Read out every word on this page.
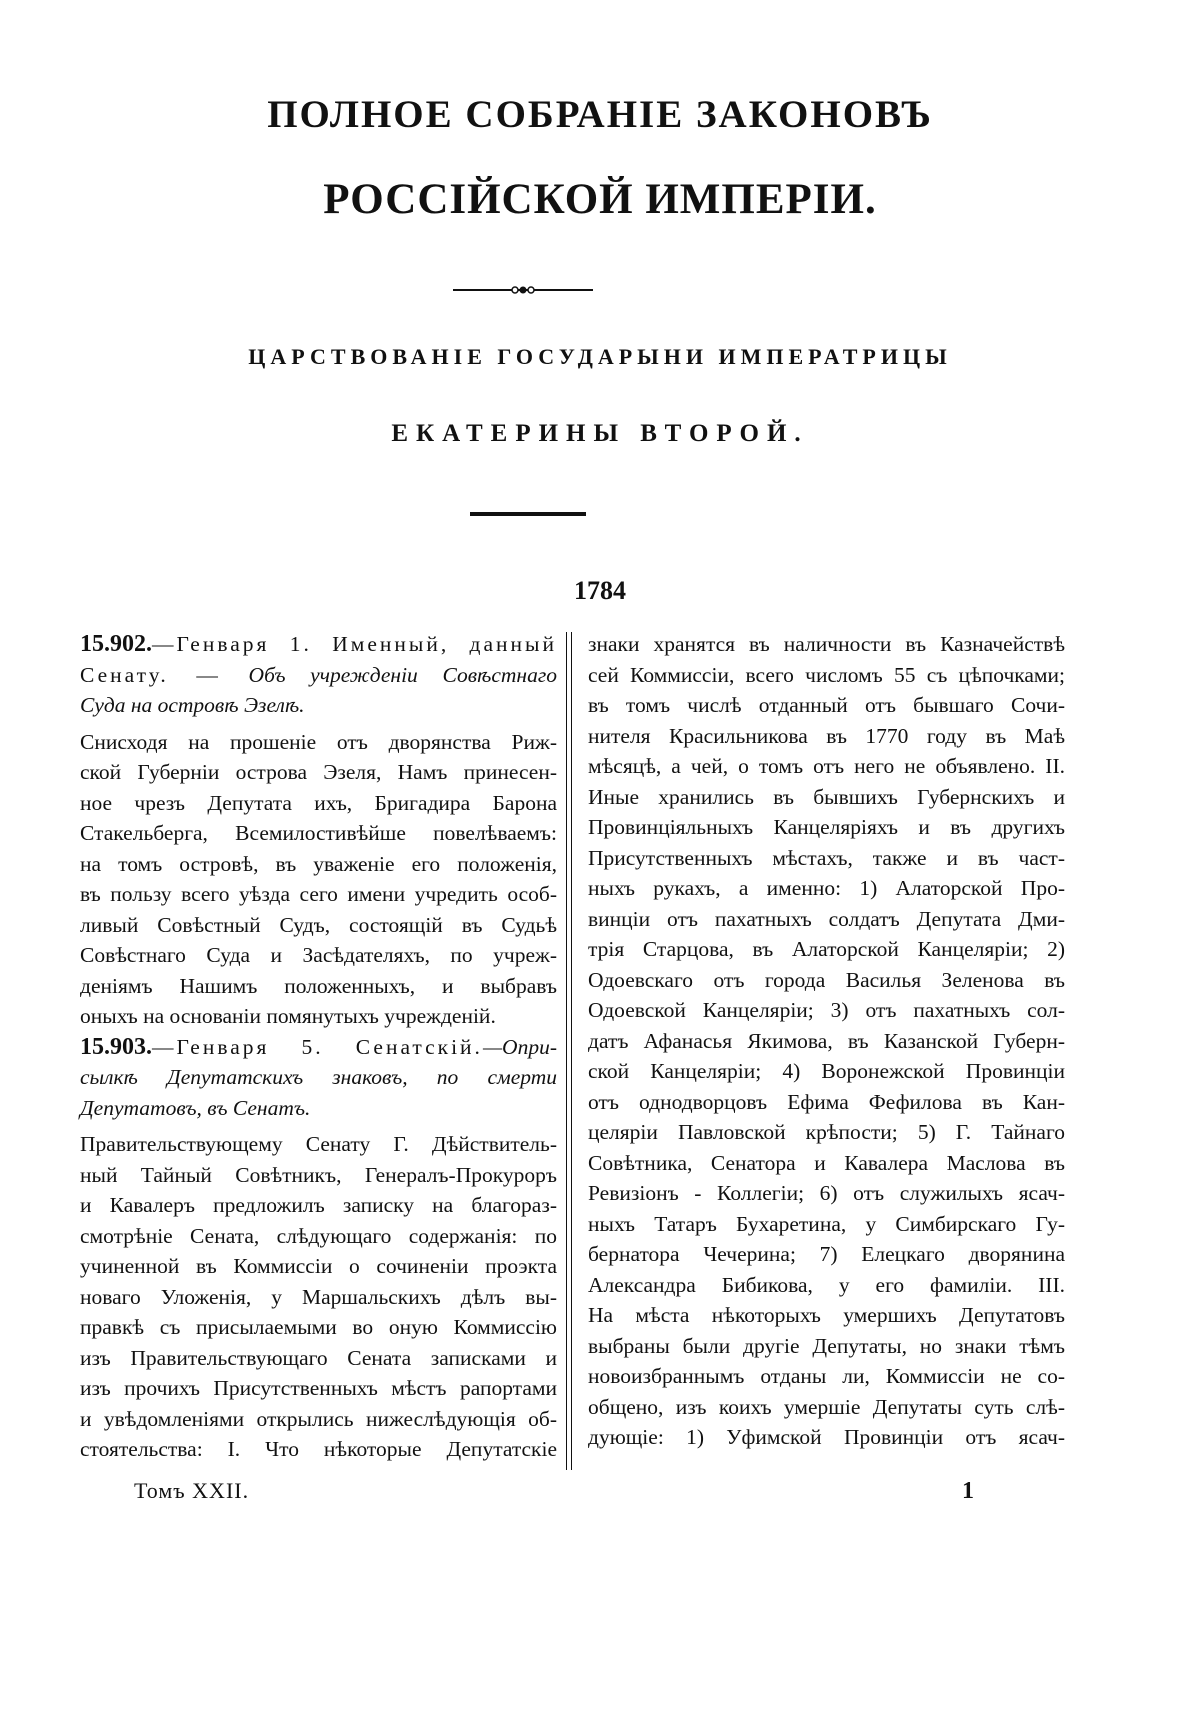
ПОЛНОЕ СОБРАНІЕ ЗАКОНОВЪ
РОССІЙСКОЙ ИМПЕРІИ.
ЦАРСТВОВАНІЕ ГОСУДАРЫНИ ИМПЕРАТРИЦЫ
ЕКАТЕРИНЫ ВТОРОЙ.
1784
15.902.—Генваря 1. Именный, данный
Сенату. — Объ учрежденіи Совѣстнаго
Суда на островѣ Эзелѣ.
Снисходя на прошеніе отъ дворянства Риж-
ской Губерніи острова Эзеля, Намъ принесен-
ное чрезъ Депутата ихъ, Бригадира Барона
Стакельберга, Всемилостивѣйше повелѣваемъ:
на томъ островѣ, въ уваженіе его положенія,
въ пользу всего уѣзда сего имени учредить особ-
ливый Совѣстный Судъ, состоящій въ Судьѣ
Совѣстнаго Суда и Засѣдателяхъ, по учреж-
деніямъ Нашимъ положенныхъ, и выбравъ
оныхъ на основаніи помянутыхъ учрежденій.
15.903.—Генваря 5. Сенатскій.—Опри-
сылкѣ Депутатскихъ знаковъ, по смерти
Депутатовъ, въ Сенатъ.
Правительствующему Сенату Г. Дѣйствитель-
ный Тайный Совѣтникъ, Генералъ-Прокуроръ
и Кавалеръ предложилъ записку на благораз-
смотрѣніе Сената, слѣдующаго содержанія: по
учиненной въ Коммиссіи о сочиненіи проэкта
новаго Уложенія, у Маршальскихъ дѣлъ вы-
правкѣ съ присылаемыми во оную Коммиссію
изъ Правительствующаго Сената записками и
изъ прочихъ Присутственныхъ мѣстъ рапортами
и увѣдомленіями открылись нижеслѣдующія об-
стоятельства: I. Что нѣкоторые Депутатскіе
знаки хранятся въ наличности въ Казначействѣ
сей Коммиссіи, всего числомъ 55 съ цѣпочками;
въ томъ числѣ отданный отъ бывшаго Сочи-
нителя Красильникова въ 1770 году въ Маѣ
мѣсяцѣ, а чей, о томъ отъ него не объявлено. II.
Иные хранились въ бывшихъ Губернскихъ и
Провинціяльныхъ Канцеляріяхъ и въ другихъ
Присутственныхъ мѣстахъ, также и въ част-
ныхъ рукахъ, а именно: 1) Алаторской Про-
винціи отъ пахатныхъ солдатъ Депутата Дми-
трія Старцова, въ Алаторской Канцеляріи; 2)
Одоевскаго отъ города Василья Зеленова въ
Одоевской Канцеляріи; 3) отъ пахатныхъ сол-
датъ Афанасья Якимова, въ Казанской Губерн-
ской Канцеляріи; 4) Воронежской Провинціи
отъ однодворцовъ Ефима Фефилова въ Кан-
целяріи Павловской крѣпости; 5) Г. Тайнаго
Совѣтника, Сенатора и Кавалера Маслова въ
Ревизіонъ - Коллегіи; 6) отъ служилыхъ ясач-
ныхъ Татаръ Бухаретина, у Симбирскаго Гу-
бернатора Чечерина; 7) Елецкаго дворянина
Александра Бибикова, у его фамиліи. III.
На мѣста нѣкоторыхъ умершихъ Депутатовъ
выбраны были другіе Депутаты, но знаки тѣмъ
новоизбраннымъ отданы ли, Коммиссіи не со-
общено, изъ коихъ умершіе Депутаты суть слѣ-
дующіе: 1) Уфимской Провинціи отъ ясач-
Томъ XXII.	1
